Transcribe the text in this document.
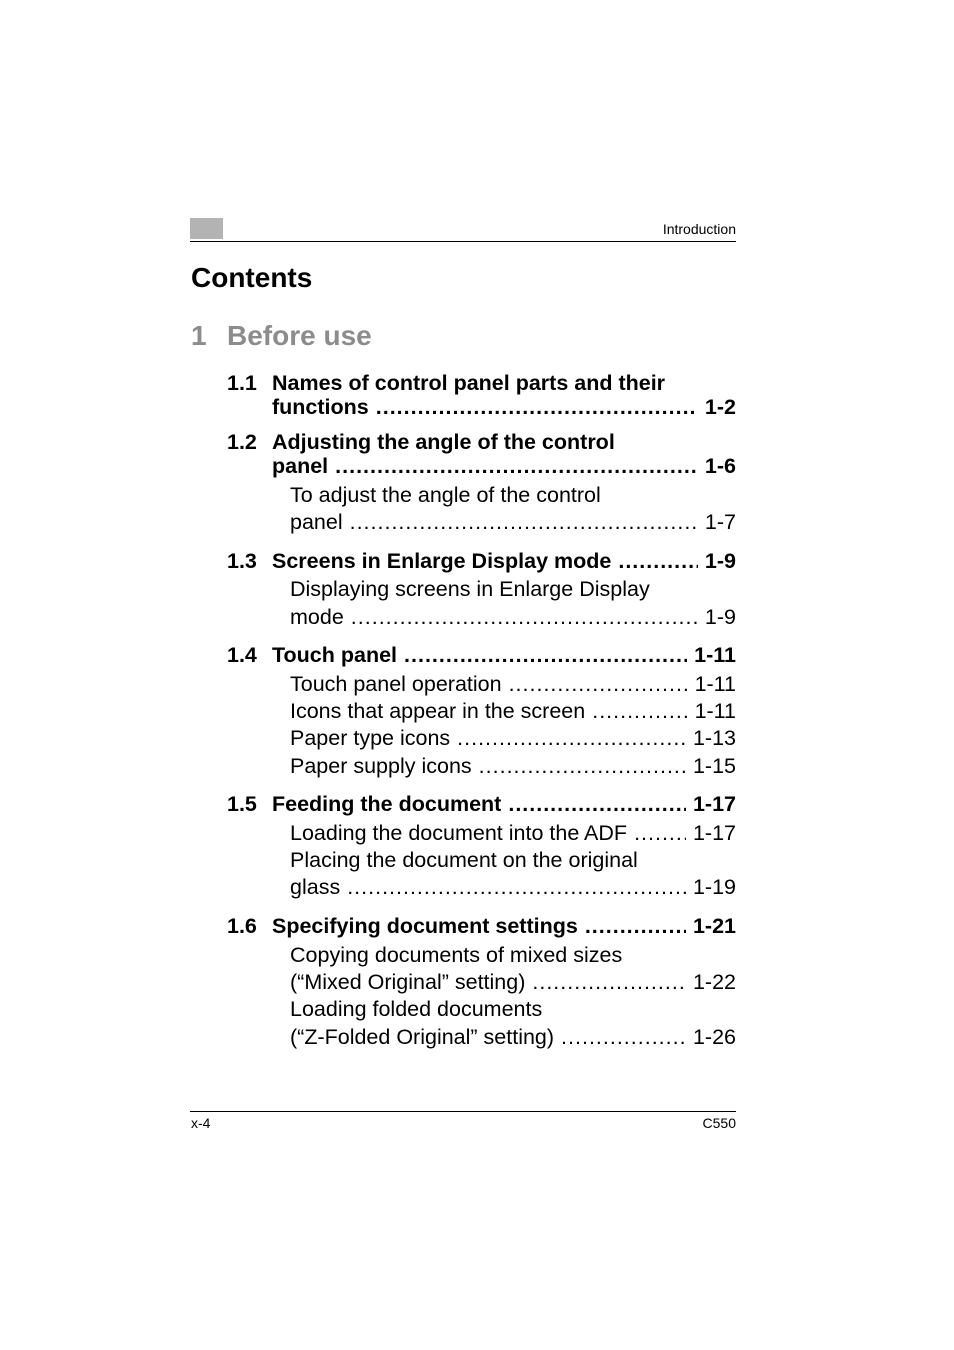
Introduction
Contents
1 Before use
1.1 Names of control panel parts and their
functions .....	1-2
1.2 Adjusting the angle of the control
panel .....	1-6
To adjust the angle of the control
panel .....	1-7
1.3 Screens in Enlarge Display mode .....	1-9
Displaying screens in Enlarge Display
mode .....	1-9
1.4 Touch panel .....	1-11
Touch panel operation .....	1-11
Icons that appear in the screen .....	1-11
Paper type icons .....	1-13
Paper supply icons .....	1-15
1.5 Feeding the document .....	1-17
Loading the document into the ADF .....	1-17
Placing the document on the original
glass .....	1-19
1.6 Specifying document settings .....	1-21
Copying documents of mixed sizes
(“Mixed Original” setting) .....	1-22
Loading folded documents
(“Z-Folded Original” setting) .....	1-26
x-4	C550
